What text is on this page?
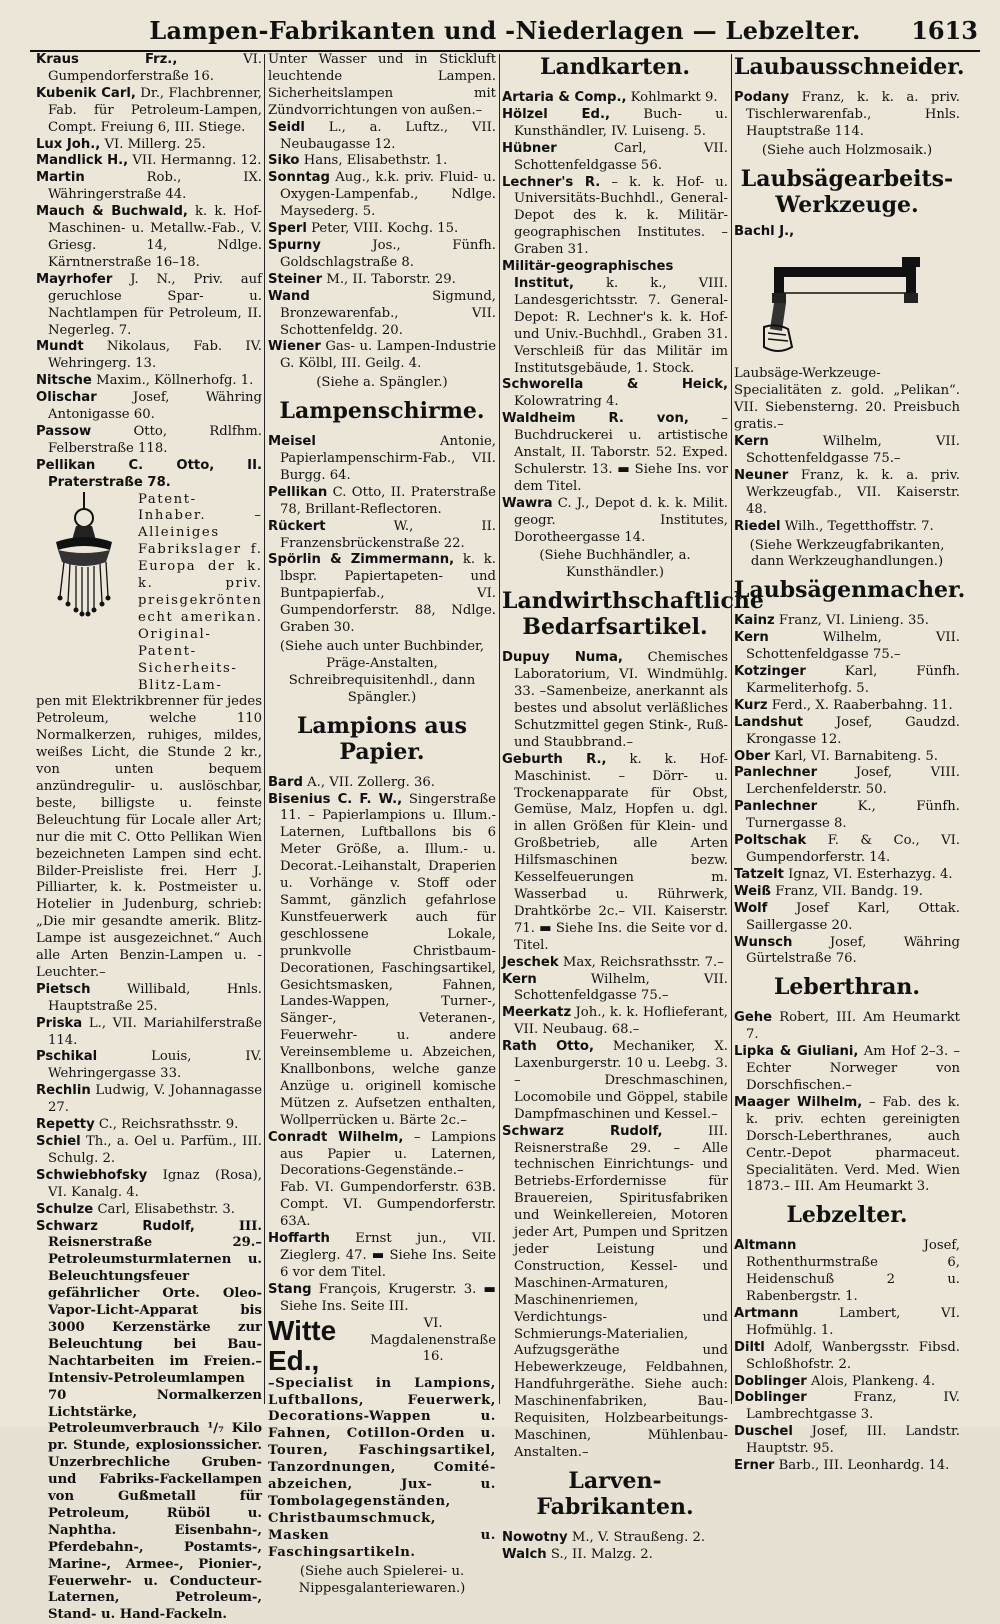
Lampen-Fabrikanten und -Niederlagen — Lebzelter.	1613

Kraus Frz.,	VI. Gumpendorferstraße 16.

Kubenik Carl, Dr., Flachbrenner, Fab. für Petroleum-Lampen, Compt. Freiung 6, III. Stiege.

Lux Joh., VI. Millerg. 25.

Mandlick H., VII. Hermanng. 12.

Martin	Rob., IX. Währingerstraße 44.

Mauch & Buchwald, k. k. Hof-Maschinen- u. Metallw.-Fab., V. Griesg. 14, Ndlge. Kärntnerstraße 16–18.

Mayrhofer J. N., Priv. auf geruchlose Spar- u. Nachtlampen für Petroleum, II. Negerleg. 7.

Mundt Nikolaus, Fab. IV. Wehringerg. 13.

Nitsche Maxim., Köllnerhofg. 1.

Olischar	Josef, Währing Antonigasse 60.

Passow	Otto, Rdlfhm. Felberstraße 118.

Pellikan C. Otto, II. Praterstraße 78.

Patent-Inhaber. – Alleiniges Fabrikslager f. Europa der k. k. priv. preisgekrönten echt amerikan. Original-Patent-Sicherheits-Blitz-Lam-

pen mit Elektrikbrenner für jedes Petroleum, welche 110 Normalkerzen, ruhiges, mildes, weißes Licht, die Stunde 2 kr., von unten bequem anzündregulir- u. auslöschbar, beste, billigste u. feinste Beleuchtung für Locale aller Art; nur die mit C. Otto Pellikan Wien bezeichneten Lampen sind echt. Bilder-Preisliste frei. Herr J. Pilliarter, k. k. Postmeister u. Hotelier in Judenburg, schrieb: „Die mir gesandte amerik. Blitz-Lampe ist ausgezeichnet.“ Auch alle Arten Benzin-Lampen u. -Leuchter.–

Pietsch	Willibald, Hnls. Hauptstraße 25.

Priska L., VII. Mariahilferstraße 114.

Pschikal	Louis, IV. Wehringergasse 33.

Rechlin Ludwig, V. Johannagasse 27.

Repetty C., Reichsrathsstr. 9.

Schiel Th., a. Oel u. Parfüm., III. Schulg. 2.

Schwiebhofsky Ignaz (Rosa), VI. Kanalg. 4.

Schulze Carl, Elisabethstr. 3.

Schwarz Rudolf,	III. Reisnerstraße 29.– Petroleumsturmlaternen u. Beleuchtungsfeuer gefährlicher Orte. Oleo-Vapor-Licht-Apparat bis 3000 Kerzenstärke zur Beleuchtung bei Bau-Nachtarbeiten im Freien.– Intensiv-Petroleumlampen 70 Normalkerzen Lichtstärke, Petroleumverbrauch ¹/₇ Kilo pr. Stunde, explosionssicher. Unzerbrechliche Gruben- und Fabriks-Fackellampen von Gußmetall für Petroleum, Rüböl u. Naphtha. Eisenbahn-, Pferdebahn-, Postamts-, Marine-, Armee-, Pionier-, Feuerwehr- u. Conducteur-Laternen, Petroleum-, Stand- u. Hand-Fackeln.

Unter Wasser und in Stickluft leuchtende Lampen. Sicherheitslampen mit Zündvorrichtungen von außen.–

Seidl L., a. Luftz., VII. Neubaugasse 12.

Siko Hans, Elisabethstr. 1.

Sonntag Aug., k.k. priv. Fluid- u. Oxygen-Lampenfab., Ndlge. Maysederg. 5.

Sperl Peter, VIII. Kochg. 15.

Spurny	Jos., Fünfh. Goldschlagstraße 8.

Steiner M., II. Taborstr. 29.

Wand	Sigmund, Bronzewarenfab., VII. Schottenfeldg. 20.

Wiener Gas- u. Lampen-Industrie G. Kölbl, III. Geilg. 4.

(Siehe a. Spängler.)
Lampenschirme.

Meisel	Antonie, Papierlampenschirm-Fab., VII. Burgg. 64.

Pellikan C. Otto, II. Praterstraße 78, Brillant-Reflectoren.

Rückert	W., II. Franzensbrückenstraße 22.

Spörlin & Zimmermann, k. k. lbspr. Papiertapeten- und Buntpapierfab., VI. Gumpendorferstr. 88, Ndlge. Graben 30.

(Siehe auch unter Buchbinder, Präge-Anstalten, Schreibrequisitenhdl., dann Spängler.)
Lampions aus Papier.

Bard A., VII. Zollerg. 36.

Bisenius C. F. W., Singerstraße 11. – Papierlampions u. Illum.-Laternen, Luftballons bis 6 Meter Größe, a. Illum.- u. Decorat.-Leihanstalt, Draperien u. Vorhänge v. Stoff oder Sammt, gänzlich gefahrlose Kunstfeuerwerk auch für geschlossene Lokale, prunkvolle Christbaum-Decorationen, Faschingsartikel, Gesichtsmasken, Fahnen, Landes-Wappen, Turner-, Sänger-, Veteranen-, Feuerwehr- u. andere Vereinsembleme u. Abzeichen, Knallbonbons, welche ganze Anzüge u. originell komische Mützen z. Aufsetzen enthalten, Wollperrücken u. Bärte 2c.–

Conradt Wilhelm, – Lampions aus Papier u. Laternen, Decorations-Gegenstände.– Fab. VI. Gumpendorferstr. 63B. Compt. VI. Gumpendorferstr. 63A.

Hoffarth Ernst jun., VII. Zieglerg. 47. ▬ Siehe Ins. Seite 6 vor dem Titel.

Stang François, Krugerstr. 3. ▬ Siehe Ins. Seite III.

Witte Ed.,
VI. Magdalenenstraße 16.

–Specialist in Lampions, Luftballons, Feuerwerk, Decorations-Wappen u. Fahnen, Cotillon-Orden u. Touren, Faschingsartikel, Tanzordnungen, Comité-abzeichen, Jux- u. Tombolagegenständen, Christbaumschmuck, Masken u. Faschingsartikeln.

(Siehe auch Spielerei- u. Nippesgalanteriewaren.)
Landkarten.

Artaria & Comp., Kohlmarkt 9.

Hölzel Ed.,	Buch- u. Kunsthändler, IV. Luiseng. 5.

Hübner	Carl, VII. Schottenfeldgasse 56.

Lechner's R. – k. k. Hof- u. Universitäts-Buchhdl., General-Depot des k. k. Militär-geographischen Institutes. – Graben 31.

Militär-geographisches Institut, k. k., VIII. Landesgerichtsstr. 7. General-Depot: R. Lechner's k. k. Hof- und Univ.-Buchhdl., Graben 31. Verschleiß für das Militär im Institutsgebäude, 1. Stock.

Schworella & Heick, Kolowratring 4.

Waldheim R. von, – Buchdruckerei u. artistische Anstalt, II. Taborstr. 52. Exped. Schulerstr. 13. ▬ Siehe Ins. vor dem Titel.

Wawra C. J., Depot d. k. k. Milit. geogr. Institutes, Dorotheergasse 14.

(Siehe Buchhändler, a. Kunsthändler.)
Landwirthschaftliche Bedarfsartikel.

Dupuy Numa, Chemisches Laboratorium, VI. Windmühlg. 33. –Samenbeize, anerkannt als bestes und absolut verläßliches Schutzmittel gegen Stink-, Ruß- und Staubbrand.–

Geburth R., k. k. Hof-Maschinist. – Dörr- u. Trockenapparate für Obst, Gemüse, Malz, Hopfen u. dgl. in allen Größen für Klein- und Großbetrieb, alle Arten Hilfsmaschinen bezw. Kesselfeuerungen m. Wasserbad u. Rührwerk, Drahtkörbe 2c.– VII. Kaiserstr. 71. ▬ Siehe Ins. die Seite vor d. Titel.

Jeschek Max, Reichsrathsstr. 7.–

Kern	Wilhelm, VII. Schottenfeldgasse 75.–

Meerkatz Joh., k. k. Hoflieferant, VII. Neubaug. 68.–

Rath Otto, Mechaniker, X. Laxenburgerstr. 10 u. Leebg. 3. – Dreschmaschinen, Locomobile und Göppel, stabile Dampfmaschinen und Kessel.–

Schwarz Rudolf,	III. Reisnerstraße 29. – Alle technischen Einrichtungs- und Betriebs-Erfordernisse für Brauereien, Spiritusfabriken und Weinkellereien, Motoren jeder Art, Pumpen und Spritzen jeder Leistung und Construction, Kessel- und Maschinen-Armaturen, Maschinenriemen, Verdichtungs- und Schmierungs-Materialien, Aufzugsgeräthe und Hebewerkzeuge, Feldbahnen, Handfuhrgeräthe. Siehe auch: Maschinenfabriken, Bau-Requisiten, Holzbearbeitungs-Maschinen, Mühlenbau-Anstalten.–

Larven-Fabrikanten.

Nowotny M., V. Straußeng. 2.

Walch S., II. Malzg. 2.

Laubausschneider.

Podany Franz, k. k. a. priv. Tischlerwarenfab., Hnls. Hauptstraße 114.

(Siehe auch Holzmosaik.)
Laubsägearbeits-Werkzeuge.
Bachl J.,

Laubsäge-Werkzeuge-Specialitäten z. gold. „Pelikan“. VII. Siebensterng. 20. Preisbuch gratis.–

Kern	Wilhelm, VII. Schottenfeldgasse 75.–

Neuner Franz, k. k. a. priv. Werkzeugfab., VII. Kaiserstr. 48.

Riedel Wilh., Tegetthoffstr. 7.

(Siehe Werkzeugfabrikanten, dann Werkzeughandlungen.)
Laubsägenmacher.

Kainz Franz, VI. Linieng. 35.

Kern	Wilhelm, VII. Schottenfeldgasse 75.–

Kotzinger	Karl, Fünfh. Karmeliterhofg. 5.

Kurz Ferd., X. Raaberbahng. 11.

Landshut Josef, Gaudzd. Krongasse 12.

Ober Karl, VI. Barnabiteng. 5.

Panlechner	Josef, VIII. Lerchenfelderstr. 50.

Panlechner	K., Fünfh. Turnergasse 8.

Poltschak F. & Co., VI. Gumpendorferstr. 14.

Tatzelt Ignaz, VI. Esterhazyg. 4.

Weiß Franz, VII. Bandg. 19.

Wolf Josef Karl, Ottak. Saillergasse 20.

Wunsch	Josef, Währing Gürtelstraße 76.

Leberthran.

Gehe Robert, III. Am Heumarkt 7.

Lipka & Giuliani, Am Hof 2–3. – Echter Norweger von Dorschfischen.–

Maager Wilhelm, – Fab. des k. k. priv. echten gereinigten Dorsch-Leberthranes, auch Centr.-Depot pharmaceut. Specialitäten. Verd. Med. Wien 1873.– III. Am Heumarkt 3.

Lebzelter.

Altmann	Josef, Rothenthurmstraße 6, Heidenschuß 2 u. Rabenbergstr. 1.

Artmann	Lambert, VI. Hofmühlg. 1.

Diltl Adolf, Wanbergsstr. Fibsd. Schloßhofstr. 2.

Doblinger Alois, Plankeng. 4.

Doblinger	Franz, IV. Lambrechtgasse 3.

Duschel Josef, III. Landstr. Hauptstr. 95.

Erner Barb., III. Leonhardg. 14.
